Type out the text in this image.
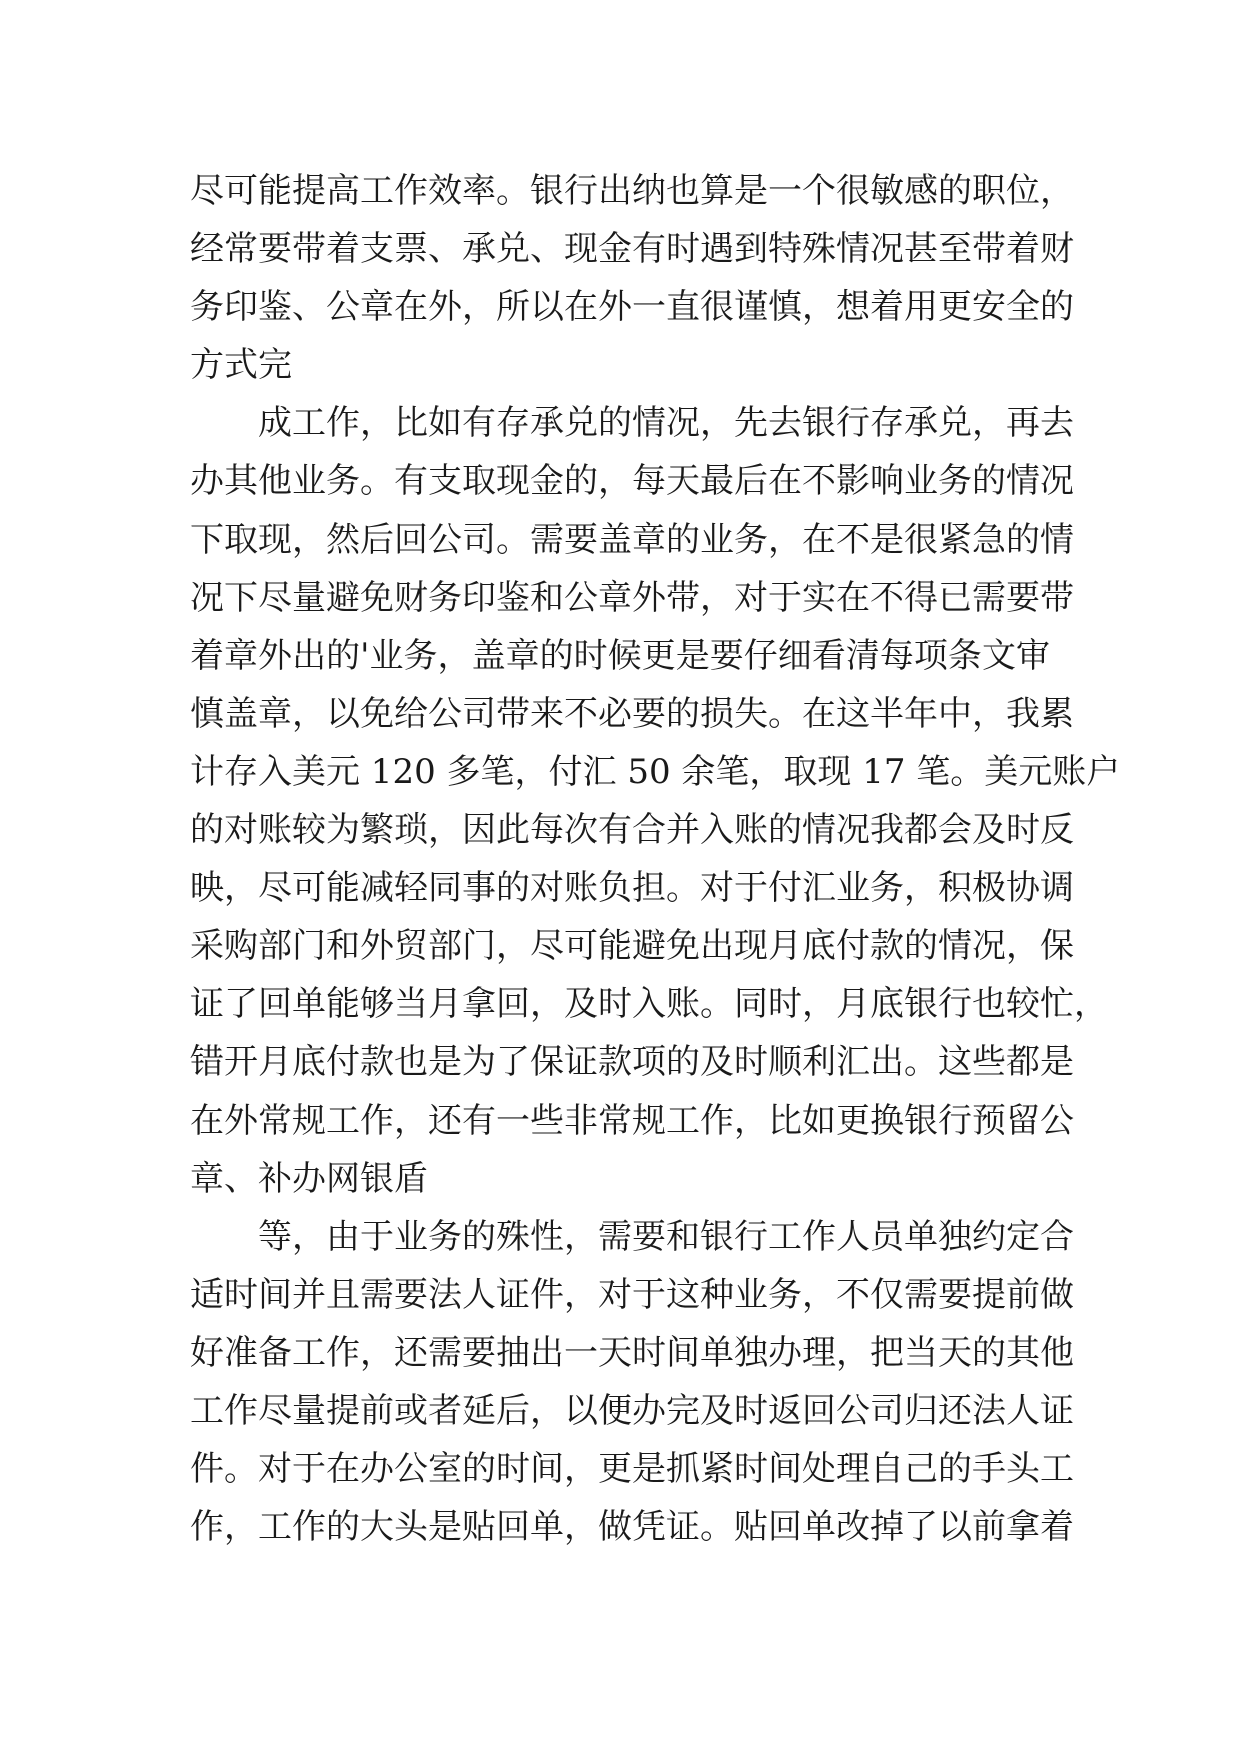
尽可能提高工作效率。银行出纳也算是一个很敏感的职位，
经常要带着支票、承兑、现金有时遇到特殊情况甚至带着财
务印鉴、公章在外，所以在外一直很谨慎，想着用更安全的
方式完
成工作，比如有存承兑的情况，先去银行存承兑，再去
办其他业务。有支取现金的，每天最后在不影响业务的情况
下取现，然后回公司。需要盖章的业务，在不是很紧急的情
况下尽量避免财务印鉴和公章外带，对于实在不得已需要带
着章外出的'业务，盖章的时候更是要仔细看清每项条文审
慎盖章，以免给公司带来不必要的损失。在这半年中，我累
计存入美元 120 多笔，付汇 50 余笔，取现 17 笔。美元账户
的对账较为繁琐，因此每次有合并入账的情况我都会及时反
映，尽可能减轻同事的对账负担。对于付汇业务，积极协调
采购部门和外贸部门，尽可能避免出现月底付款的情况，保
证了回单能够当月拿回，及时入账。同时，月底银行也较忙，
错开月底付款也是为了保证款项的及时顺利汇出。这些都是
在外常规工作，还有一些非常规工作，比如更换银行预留公
章、补办网银盾
等，由于业务的殊性，需要和银行工作人员单独约定合
适时间并且需要法人证件，对于这种业务，不仅需要提前做
好准备工作，还需要抽出一天时间单独办理，把当天的其他
工作尽量提前或者延后，以便办完及时返回公司归还法人证
件。对于在办公室的时间，更是抓紧时间处理自己的手头工
作，工作的大头是贴回单，做凭证。贴回单改掉了以前拿着
